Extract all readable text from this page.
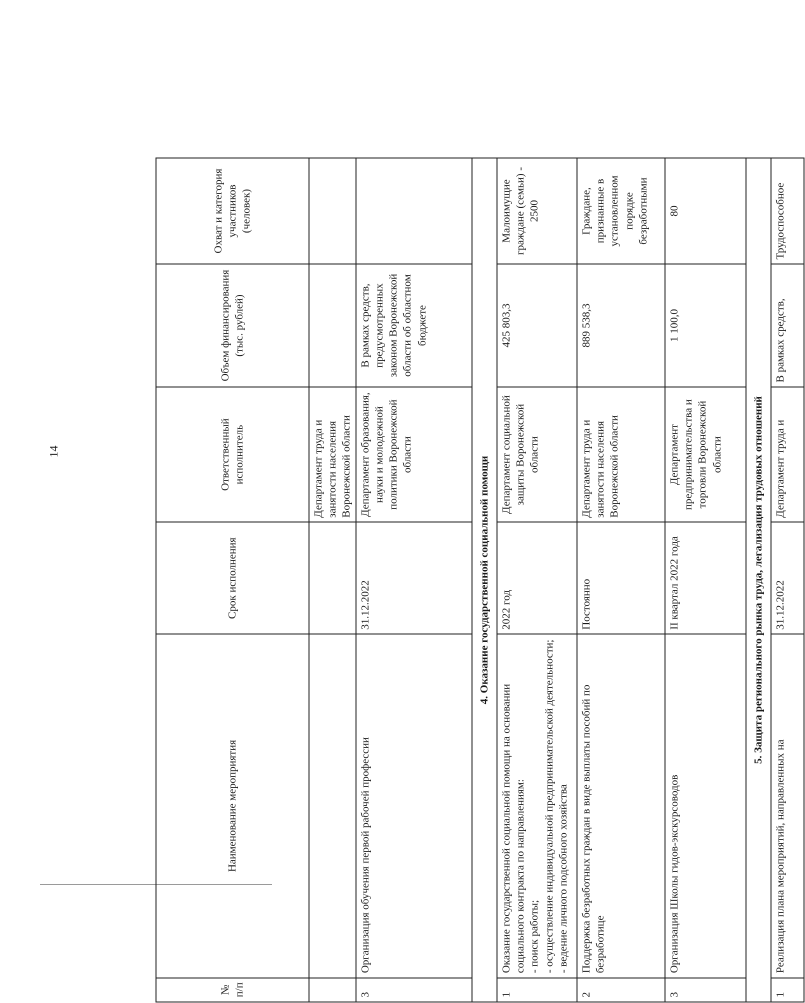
14
№ п/п	Наименование мероприятия	Срок исполнения	Ответственный исполнитель	Объем финансирования (тыс. рублей)	Охват и категория участников (человек)
			Департамент труда и занятости населения Воронежской области		
3	Организация обучения первой рабочей профессии	31.12.2022	Департамент образования, науки и молодежной политики Воронежской области	В рамках средств, предусмотренных законом Воронежской области об областном бюджете	
4. Оказание государственной социальной помощи					
1	Оказание государственной социальной помощи на основании социального контракта по направлениям: - поиск работы; - осуществление индивидуальной предпринимательской деятельности; - ведение личного подсобного хозяйства	2022 год	Департамент социальной защиты Воронежской области	425 803,3	Малоимущие граждане (семьи) - 2500
2	Поддержка безработных граждан в виде выплаты пособий по безработице	Постоянно	Департамент труда и занятости населения Воронежской области	889 538,3	Граждане, признанные в установленном порядке безработными
3	Организация Школы гидов-экскурсоводов	II квартал 2022 года	Департамент предпринимательства и торговли Воронежской области	1 100,0	80
5. Защита регионального рынка труда, легализация трудовых отношений					
1	Реализация плана мероприятий, направленных на	31.12.2022	Департамент труда и	В рамках средств,	Трудоспособное
